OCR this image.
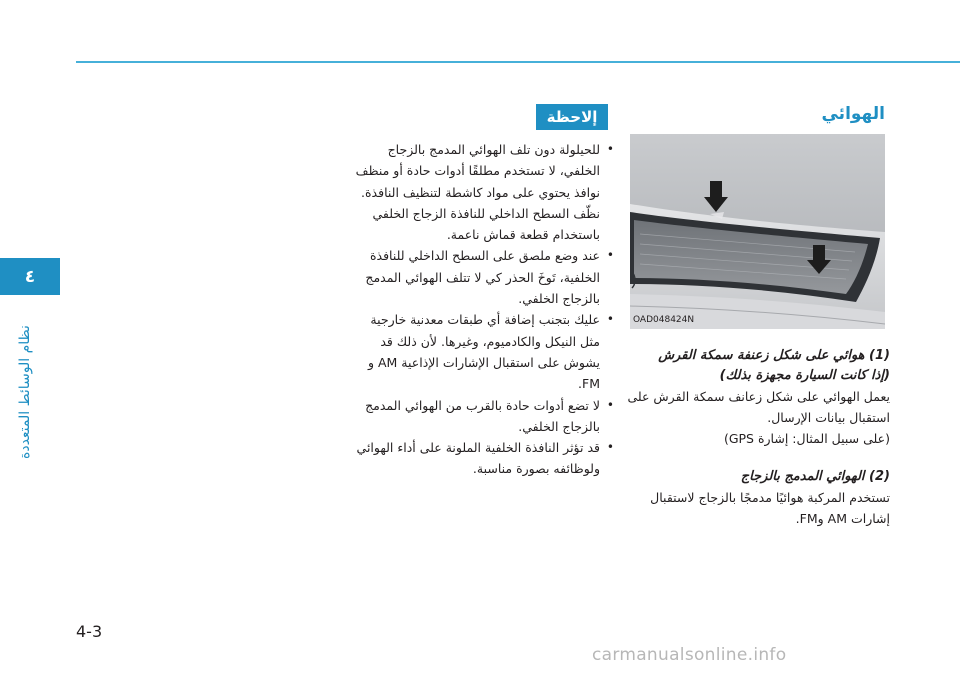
٤
نظام الوسائط المتعددة
الهوائي
إلاحظة
OAD048424N

(1) هوائي على شكل زعنفة سمكة القرش

(إذا كانت السيارة مجهزة بذلك)

يعمل الهوائي على شكل زعانف سمكة القرش على

استقبال بيانات الإرسال.

(على سبيل المثال: إشارة GPS)

(2) الهوائي المدمج بالزجاج

تستخدم المركبة هوائيًا مدمجًا بالزجاج لاستقبال

إشارات AM وFM.

• للحيلولة دون تلف الهوائي المدمج بالزجاج الخلفي، لا تستخدم مطلقًا أدوات حادة أو منظف نوافذ يحتوي على مواد كاشطة لتنظيف النافذة. نظّف السطح الداخلي للنافذة الزجاج الخلفي باستخدام قطعة قماش ناعمة.
• عند وضع ملصق على السطح الداخلي للنافذة الخلفية، تَوخَ الحذر كي لا تتلف الهوائي المدمج بالزجاج الخلفي.
• عليك بتجنب إضافة أي طبقات معدنية خارجية مثل النيكل والكادميوم، وغيرها. لأن ذلك قد يشوش على استقبال الإشارات الإذاعية AM و FM.
• لا تضع أدوات حادة بالقرب من الهوائي المدمج بالزجاج الخلفي.
• قد تؤثر النافذة الخلفية الملونة على أداء الهوائي ولوظائفه بصورة مناسبة.
4-3
carmanualsonline.info
